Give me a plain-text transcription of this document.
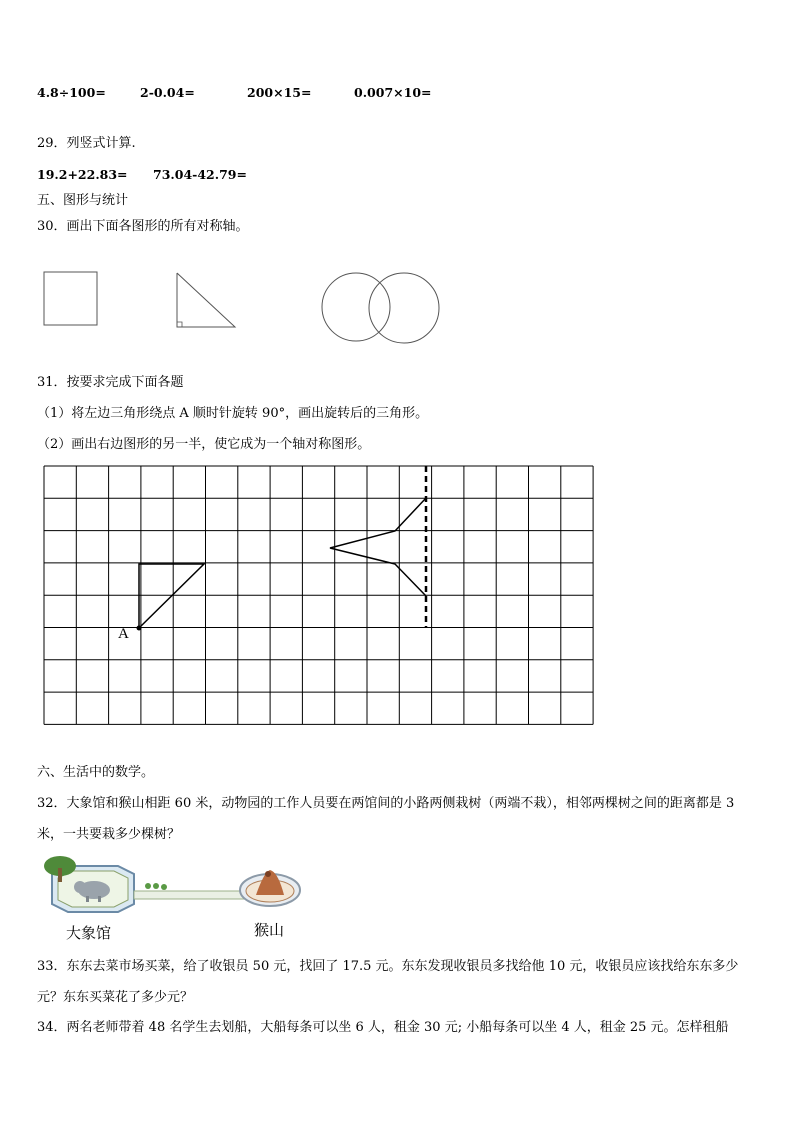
4.8÷100=	2-0.04=	200×15=	0.007×10=
29．列竖式计算.
19.2+22.83= 73.04-42.79=
五、图形与统计
30．画出下面各图形的所有对称轴。
31．按要求完成下面各题
（1）将左边三角形绕点 A 顺时针旋转 90°，画出旋转后的三角形。
（2）画出右边图形的另一半，使它成为一个轴对称图形。
A
六、生活中的数学。
32．大象馆和猴山相距 60 米，动物园的工作人员要在两馆间的小路两侧栽树（两端不栽），相邻两棵树之间的距离都是 3 米，一共要栽多少棵树？
大象馆	猴山
33．东东去菜市场买菜，给了收银员 50 元，找回了 17.5 元。东东发现收银员多找给他 10 元，收银员应该找给东东多少元？东东买菜花了多少元？
34．两名老师带着 48 名学生去划船，大船每条可以坐 6 人，租金 30 元; 小船每条可以坐 4 人，租金 25 元。怎样租船
